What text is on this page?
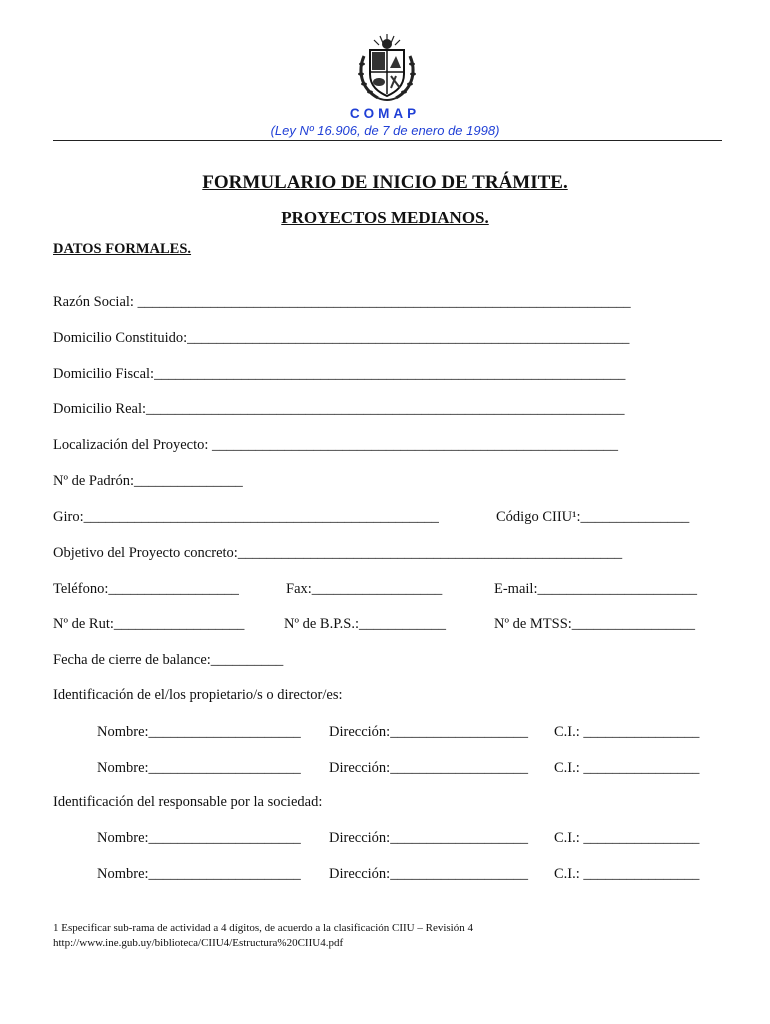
COMAP
(Ley Nº 16.906, de 7 de enero de 1998)
FORMULARIO DE INICIO DE TRÁMITE.
PROYECTOS MEDIANOS.
DATOS FORMALES.
Razón Social: ____________________________________________________________________
Domicilio Constituido:_____________________________________________________________
Domicilio Fiscal:_________________________________________________________________
Domicilio Real:__________________________________________________________________
Localización del Proyecto: ________________________________________________________
Nº de Padrón:_______________
Giro:_________________________________________________	Código CIIU¹:_______________
Objetivo del Proyecto concreto:_____________________________________________________
Teléfono:__________________	Fax:__________________	E-mail:______________________
Nº de Rut:__________________	Nº de B.P.S.:____________	Nº de MTSS:_________________
Fecha de cierre de balance:__________
Identificación de el/los propietario/s o director/es:
Nombre:_____________________ Dirección:___________________ C.I.: ________________
Nombre:_____________________ Dirección:___________________ C.I.: ________________
Identificación del responsable por la sociedad:
Nombre:_____________________ Dirección:___________________ C.I.: ________________
Nombre:_____________________ Dirección:___________________ C.I.: ________________
1 Especificar sub-rama de actividad a 4 dígitos, de acuerdo a la clasificación CIIU – Revisión 4
http://www.ine.gub.uy/biblioteca/CIIU4/Estructura%20CIIU4.pdf
